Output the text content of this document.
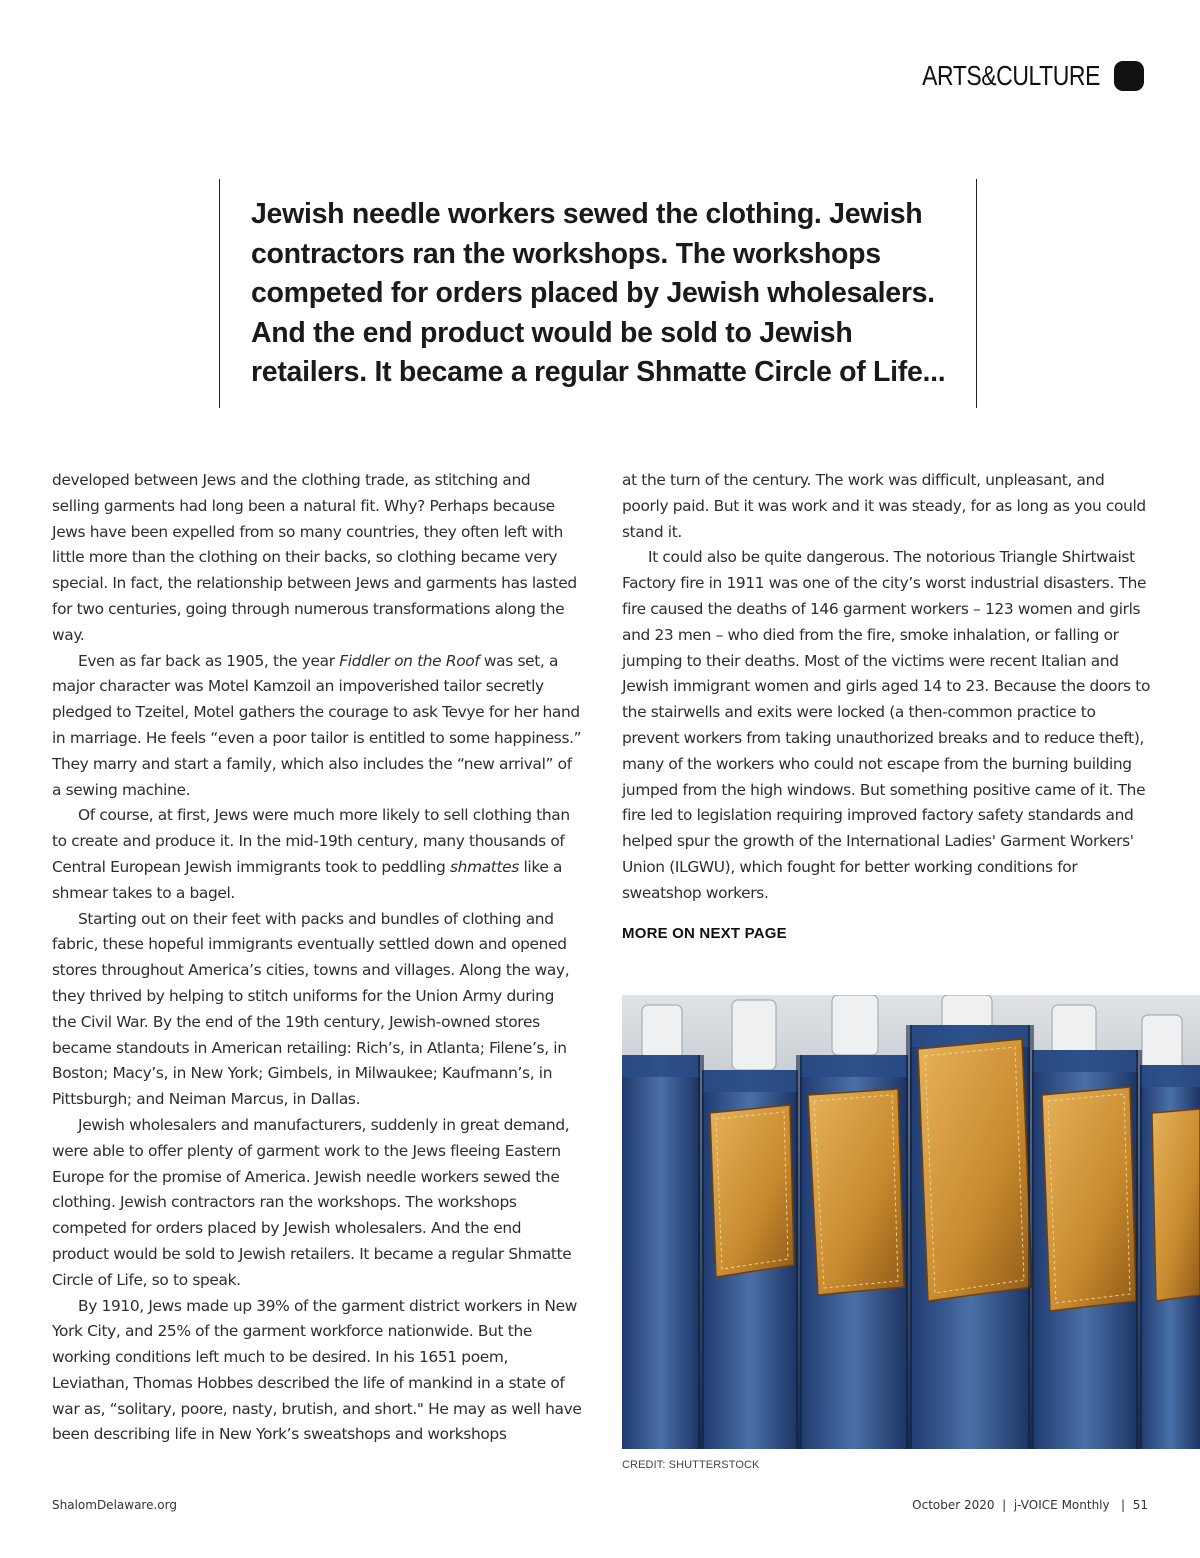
ARTS&CULTURE

Jewish needle workers sewed the clothing. Jewish
contractors ran the workshops. The workshops
competed for orders placed by Jewish wholesalers.
And the end product would be sold to Jewish
retailers. It became a regular Shmatte Circle of Life...

developed between Jews and the clothing trade, as stitching and selling garments had long been a natural fit. Why? Perhaps because Jews have been expelled from so many countries, they often left with little more than the clothing on their backs, so clothing became very special. In fact, the relationship between Jews and garments has lasted for two centuries, going through numerous transformations along the way.

Even as far back as 1905, the year Fiddler on the Roof was set, a major character was Motel Kamzoil an impoverished tailor secretly pledged to Tzeitel, Motel gathers the courage to ask Tevye for her hand in marriage. He feels “even a poor tailor is entitled to some happiness.” They marry and start a family, which also includes the “new arrival” of a sewing machine.

Of course, at first, Jews were much more likely to sell clothing than to create and produce it. In the mid-19th century, many thousands of Central European Jewish immigrants took to peddling shmattes like a shmear takes to a bagel.

Starting out on their feet with packs and bundles of clothing and fabric, these hopeful immigrants eventually settled down and opened stores throughout America’s cities, towns and villages. Along the way, they thrived by helping to stitch uniforms for the Union Army during the Civil War. By the end of the 19th century, Jewish-owned stores became standouts in American retailing: Rich’s, in Atlanta; Filene’s, in Boston; Macy’s, in New York; Gimbels, in Milwaukee; Kaufmann’s, in Pittsburgh; and Neiman Marcus, in Dallas.

Jewish wholesalers and manufacturers, suddenly in great demand, were able to offer plenty of garment work to the Jews fleeing Eastern Europe for the promise of America. Jewish needle workers sewed the clothing. Jewish contractors ran the workshops. The workshops competed for orders placed by Jewish wholesalers. And the end product would be sold to Jewish retailers. It became a regular Shmatte Circle of Life, so to speak.

By 1910, Jews made up 39% of the garment district workers in New York City, and 25% of the garment workforce nationwide. But the working conditions left much to be desired. In his 1651 poem, Leviathan, Thomas Hobbes described the life of mankind in a state of war as, “solitary, poore, nasty, brutish, and short." He may as well have been describing life in New York’s sweatshops and workshops

at the turn of the century. The work was difficult, unpleasant, and poorly paid. But it was work and it was steady, for as long as you could stand it.

It could also be quite dangerous. The notorious Triangle Shirtwaist Factory fire in 1911 was one of the city’s worst industrial disasters. The fire caused the deaths of 146 garment workers – 123 women and girls and 23 men – who died from the fire, smoke inhalation, or falling or jumping to their deaths. Most of the victims were recent Italian and Jewish immigrant women and girls aged 14 to 23. Because the doors to the stairwells and exits were locked (a then-common practice to prevent workers from taking unauthorized breaks and to reduce theft), many of the workers who could not escape from the burning building jumped from the high windows. But something positive came of it. The fire led to legislation requiring improved factory safety standards and helped spur the growth of the International Ladies' Garment Workers' Union (ILGWU), which fought for better working conditions for sweatshop workers.

MORE ON NEXT PAGE
CREDIT: SHUTTERSTOCK
ShalomDelaware.org	October 2020  |  j-VOICE Monthly   |  51
